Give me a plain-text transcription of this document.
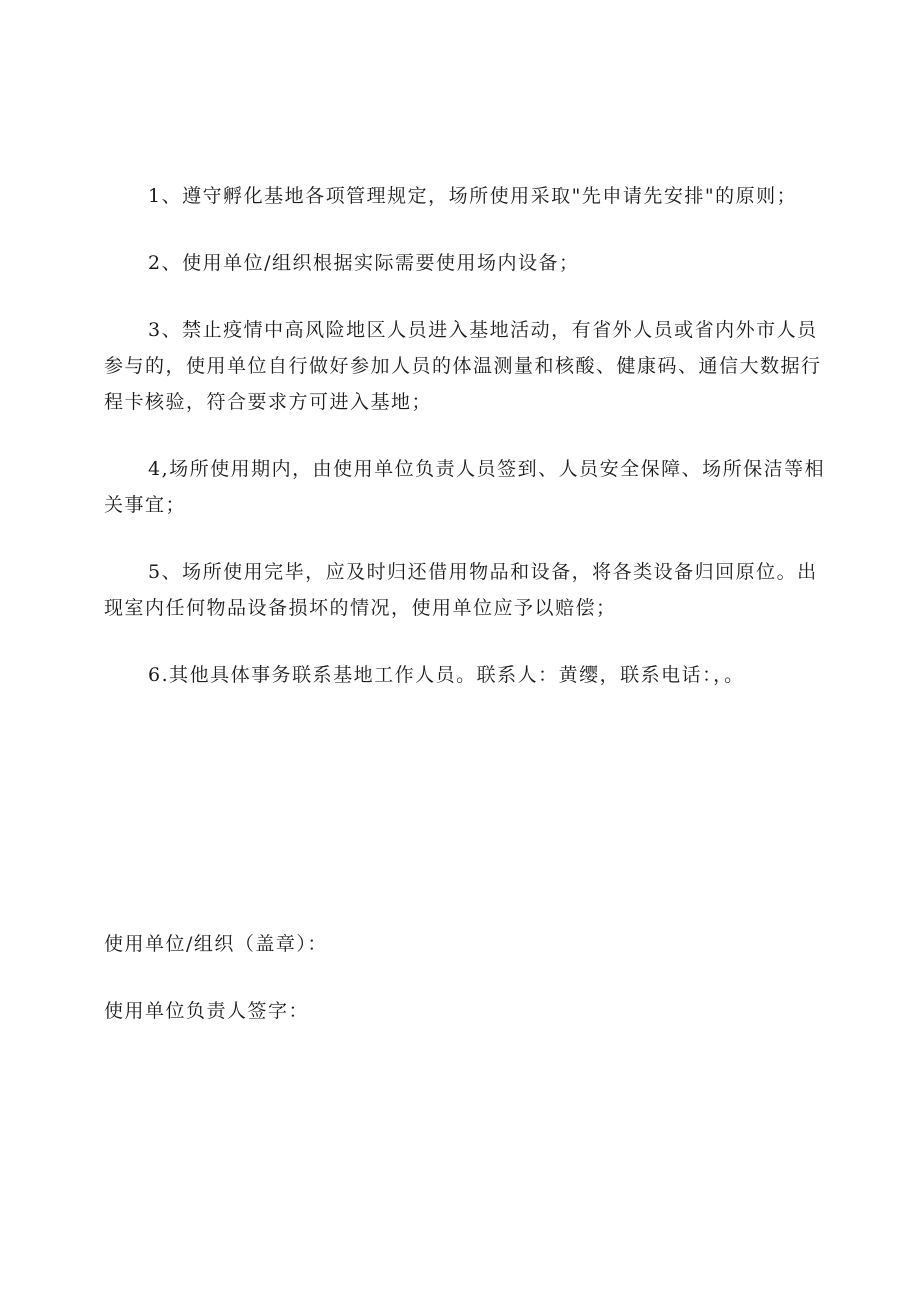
1、遵守孵化基地各项管理规定，场所使用采取"先申请先安排"的原则；

2、使用单位/组织根据实际需要使用场内设备；

3、禁止疫情中高风险地区人员进入基地活动，有省外人员或省内外市人员参与的，使用单位自行做好参加人员的体温测量和核酸、健康码、通信大数据行程卡核验，符合要求方可进入基地；

4,场所使用期内，由使用单位负责人员签到、人员安全保障、场所保洁等相关事宜；

5、场所使用完毕，应及时归还借用物品和设备，将各类设备归回原位。出现室内任何物品设备损坏的情况，使用单位应予以赔偿；

6.其他具体事务联系基地工作人员。联系人：黄缨，联系电话：，。

使用单位/组织（盖章）：
使用单位负责人签字：
